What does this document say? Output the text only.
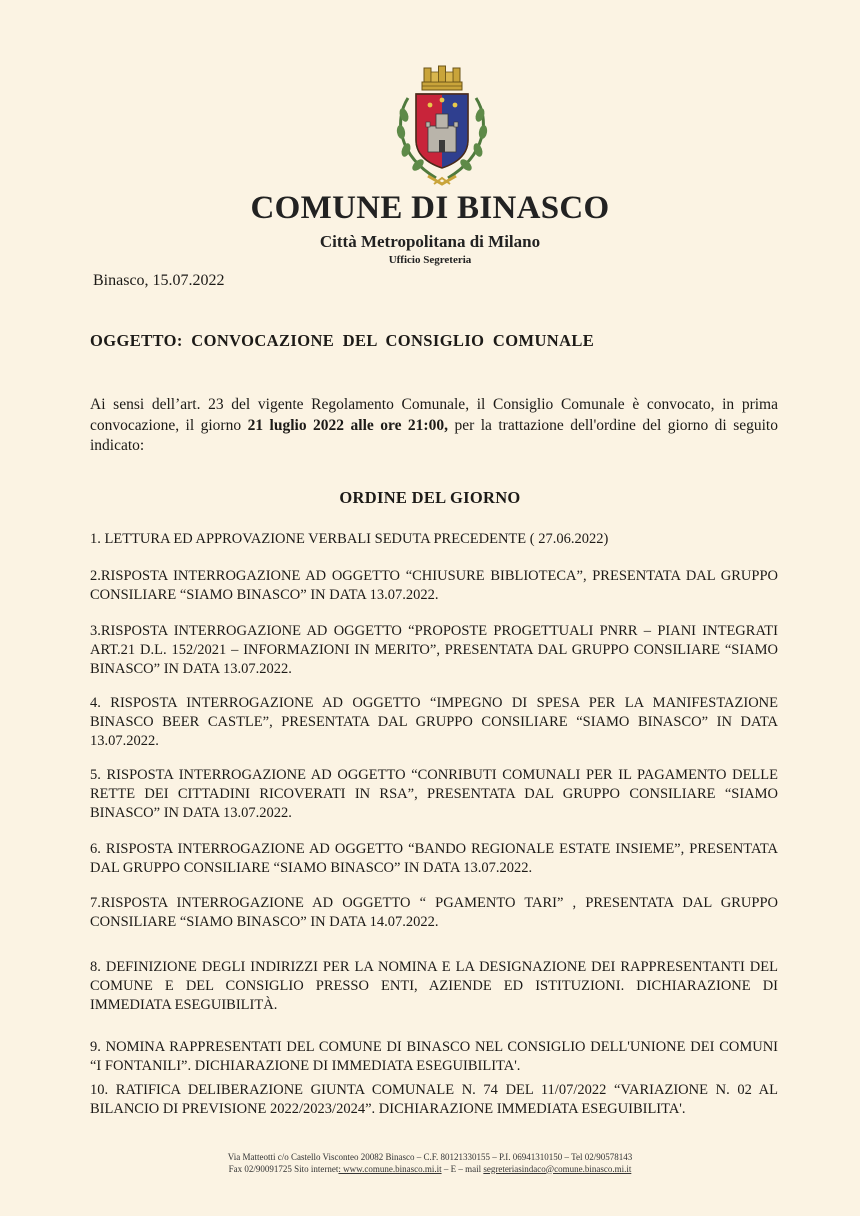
COMUNE DI BINASCO
Città Metropolitana di Milano
Ufficio Segreteria
Binasco, 15.07.2022
OGGETTO: CONVOCAZIONE DEL CONSIGLIO COMUNALE
Ai sensi dell’art. 23 del vigente Regolamento Comunale, il Consiglio Comunale è convocato, in prima convocazione, il giorno 21 luglio 2022 alle ore 21:00, per la trattazione dell'ordine del giorno di seguito indicato:
ORDINE DEL GIORNO
1. LETTURA ED APPROVAZIONE VERBALI SEDUTA PRECEDENTE ( 27.06.2022)
2.RISPOSTA INTERROGAZIONE AD OGGETTO “CHIUSURE BIBLIOTECA”, PRESENTATA DAL GRUPPO CONSILIARE “SIAMO BINASCO” IN DATA 13.07.2022.
3.RISPOSTA INTERROGAZIONE AD OGGETTO “PROPOSTE PROGETTUALI PNRR – PIANI INTEGRATI ART.21 D.L. 152/2021 – INFORMAZIONI IN MERITO”, PRESENTATA DAL GRUPPO CONSILIARE “SIAMO BINASCO” IN DATA 13.07.2022.
4. RISPOSTA INTERROGAZIONE AD OGGETTO “IMPEGNO DI SPESA PER LA MANIFESTAZIONE BINASCO BEER CASTLE”, PRESENTATA DAL GRUPPO CONSILIARE “SIAMO BINASCO” IN DATA 13.07.2022.
5. RISPOSTA INTERROGAZIONE AD OGGETTO “CONRIBUTI COMUNALI PER IL PAGAMENTO DELLE RETTE DEI CITTADINI RICOVERATI IN RSA”, PRESENTATA DAL GRUPPO CONSILIARE “SIAMO BINASCO” IN DATA 13.07.2022.
6. RISPOSTA INTERROGAZIONE AD OGGETTO “BANDO REGIONALE ESTATE INSIEME”, PRESENTATA DAL GRUPPO CONSILIARE “SIAMO BINASCO” IN DATA 13.07.2022.
7.RISPOSTA INTERROGAZIONE AD OGGETTO “ PGAMENTO TARI” , PRESENTATA DAL GRUPPO CONSILIARE “SIAMO BINASCO” IN DATA 14.07.2022.
8. DEFINIZIONE DEGLI INDIRIZZI PER LA NOMINA E LA DESIGNAZIONE DEI RAPPRESENTANTI DEL COMUNE E DEL CONSIGLIO PRESSO ENTI, AZIENDE ED ISTITUZIONI. DICHIARAZIONE DI IMMEDIATA ESEGUIBILITÀ.
9. NOMINA RAPPRESENTATI DEL COMUNE DI BINASCO NEL CONSIGLIO DELL'UNIONE DEI COMUNI “I FONTANILI”. DICHIARAZIONE DI IMMEDIATA ESEGUIBILITA'.
10. RATIFICA DELIBERAZIONE GIUNTA COMUNALE N. 74 DEL 11/07/2022 “VARIAZIONE N. 02 AL BILANCIO DI PREVISIONE 2022/2023/2024”. DICHIARAZIONE IMMEDIATA ESEGUIBILITA'.
Via Matteotti c/o Castello Visconteo 20082 Binasco – C.F. 80121330155 – P.I. 06941310150 – Tel 02/90578143
Fax 02/90091725 Sito internet: www.comune.binasco.mi.it – E – mail segreteriasindaco@comune.binasco.mi.it
